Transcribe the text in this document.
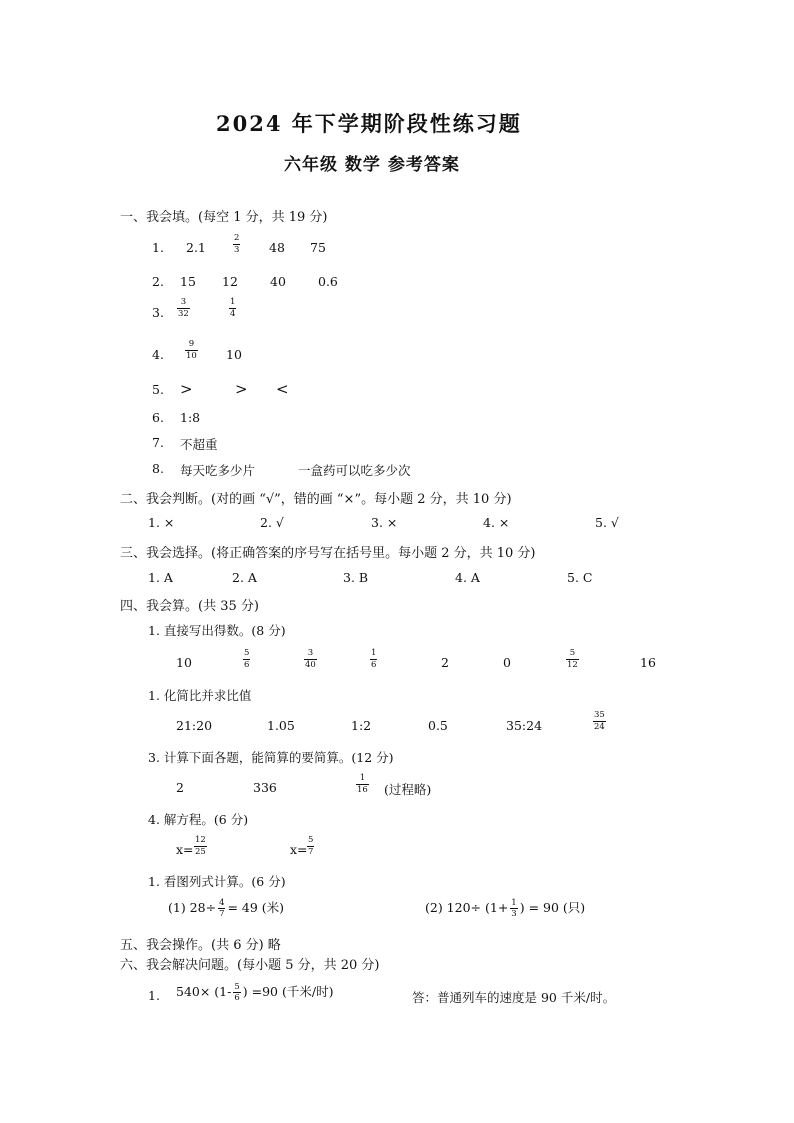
2024 年下学期阶段性练习题
六年级 数学 参考答案
一、我会填。(每空 1 分，共 19 分)
1. 2.1	$\frac{2}{3} 48$ 75
2. 15 12	40	0.6
3. $\frac{3}{32}$	$\frac{1}{4}$
4. $\frac{9}{10} 10$
5. >	> <
6. 1:8
7. 不超重
8. 每天吃多少片	一盒药可以吃多少次
二、我会判断。(对的画 “√”，错的画 “×”。每小题 2 分，共 10 分)
1. ×	2. √	3. ×	4. ×	5. √
三、我会选择。(将正确答案的序号写在括号里。每小题 2 分，共 10 分)
1. A	2. A	3. B	4. A	5. C
四、我会算。(共 35 分)
1. 直接写出得数。(8 分)
10	$\frac{5}{6}$	$\frac{3}{40}$	$\frac{1}{6}$	2	0	$\frac{5}{12}$	16
1. 化简比并求比值
21:20	1.05	1:2	0.5	35:24	$\frac{35}{24}$
3. 计算下面各题，能简算的要简算。(12 分)
2	336	$\frac{1}{16}$ (过程略)
4. 解方程。(6 分)
$x= \frac{12}{25}$	$x= \frac{5}{7}$
1. 看图列式计算。(6 分)
(1) $28\div \frac{4}{7} = 49$ (米)	(2) $120\div (1+ \frac{1}{3}$ ) = 90 (只)
五、我会操作。(共 6 分) 略
六、我会解决问题。(每小题 5 分，共 20 分)
1. $540\times (1- \frac{5}{6}$ ) =90 (千米/时)	答：普通列车的速度是 90 千米/时。
